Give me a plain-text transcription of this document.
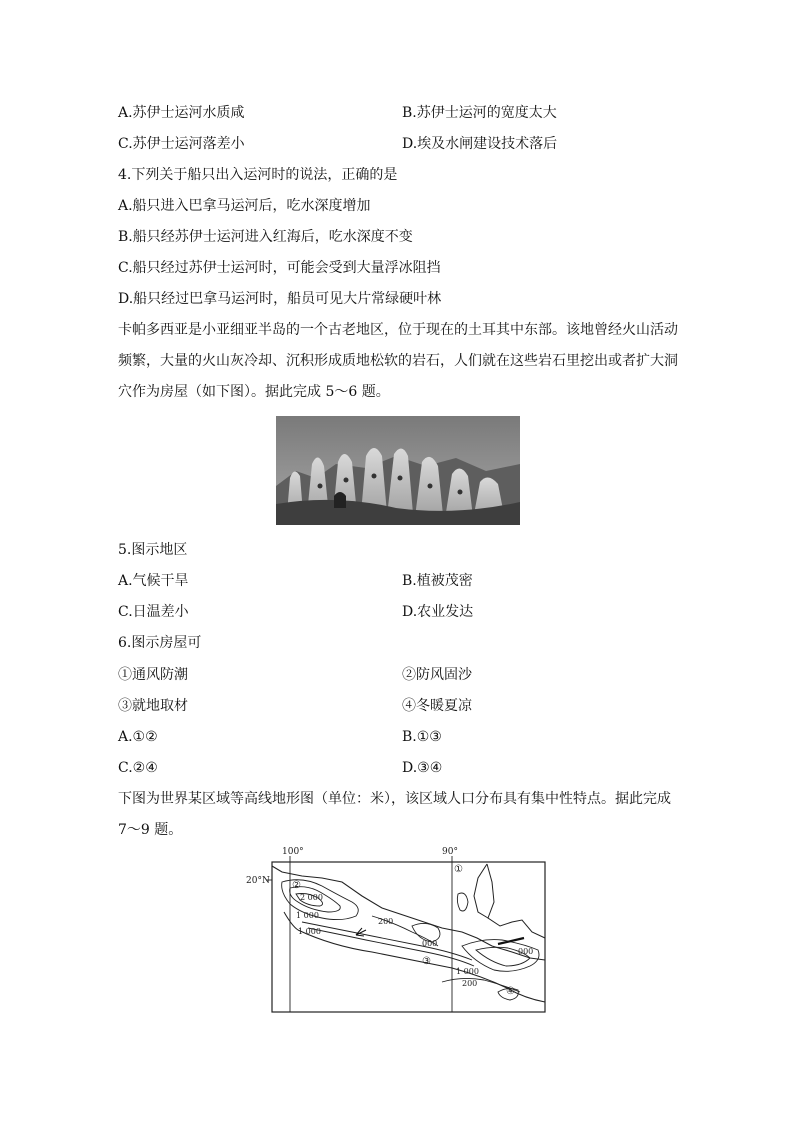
A.苏伊士运河水质咸	B.苏伊士运河的宽度太大
C.苏伊士运河落差小	D.埃及水闸建设技术落后
4.下列关于船只出入运河时的说法，正确的是
A.船只进入巴拿马运河后，吃水深度增加
B.船只经苏伊士运河进入红海后，吃水深度不变
C.船只经过苏伊士运河时，可能会受到大量浮冰阻挡
D.船只经过巴拿马运河时，船员可见大片常绿硬叶林
卡帕多西亚是小亚细亚半岛的一个古老地区，位于现在的土耳其中东部。该地曾经火山活动
频繁，大量的火山灰冷却、沉积形成质地松软的岩石，人们就在这些岩石里挖出或者扩大洞
穴作为房屋（如下图）。据此完成 5～6 题。
5.图示地区
A.气候干旱	B.植被茂密
C.日温差小	D.农业发达
6.图示房屋可
①通风防潮	②防风固沙
③就地取材	④冬暖夏凉
A.①②	B.①③
C.②④	D.③④
下图为世界某区域等高线地形图（单位：米），该区域人口分布具有集中性特点。据此完成
7～9 题。
100°	90°
20°N
①
②
③
④
2 000
1 000
1 000
200
000
1 000
200
000
